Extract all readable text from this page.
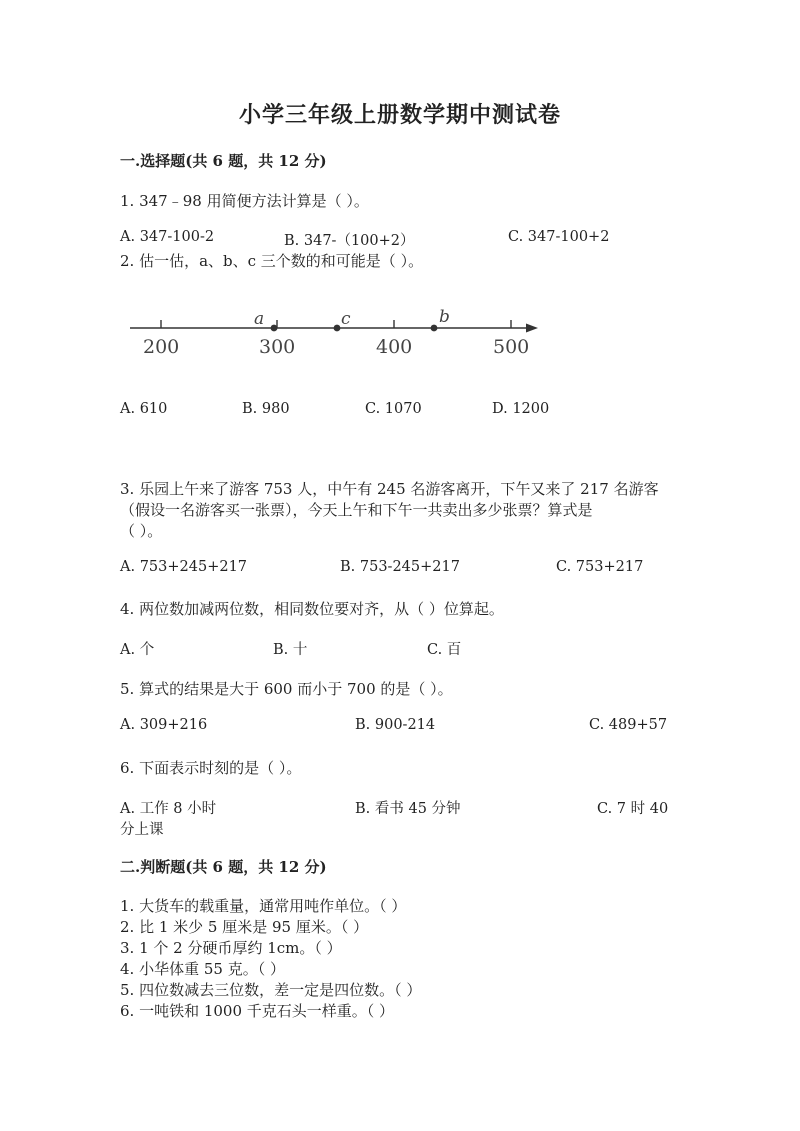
小学三年级上册数学期中测试卷
一.选择题(共 6 题，共 12 分)
1. 347﹣98 用简便方法计算是（ ）。
A. 347-100-2	B. 347-（100+2）	C. 347-100+2
2. 估一估，a、b、c 三个数的和可能是（ ）。
200	300	400	500
a	c	b
A. 610	B. 980	C. 1070	D. 1200
3. 乐园上午来了游客 753 人，中午有 245 名游客离开，下午又来了 217 名游客
（假设一名游客买一张票），今天上午和下午一共卖出多少张票？算式是
（ ）。
A. 753+245+217	B. 753-245+217	C. 753+217
4. 两位数加减两位数，相同数位要对齐，从（ ）位算起。
A. 个	B. 十	C. 百
5. 算式的结果是大于 600 而小于 700 的是（ ）。
A. 309+216	B. 900-214	C. 489+57
6. 下面表示时刻的是（ ）。
A. 工作 8 小时	B. 看书 45 分钟	C. 7 时 40
分上课
二.判断题(共 6 题，共 12 分)
1. 大货车的载重量，通常用吨作单位。（ ）
2. 比 1 米少 5 厘米是 95 厘米。（ ）
3. 1 个 2 分硬币厚约 1cm。（ ）
4. 小华体重 55 克。（ ）
5. 四位数减去三位数，差一定是四位数。（ ）
6. 一吨铁和 1000 千克石头一样重。（ ）
